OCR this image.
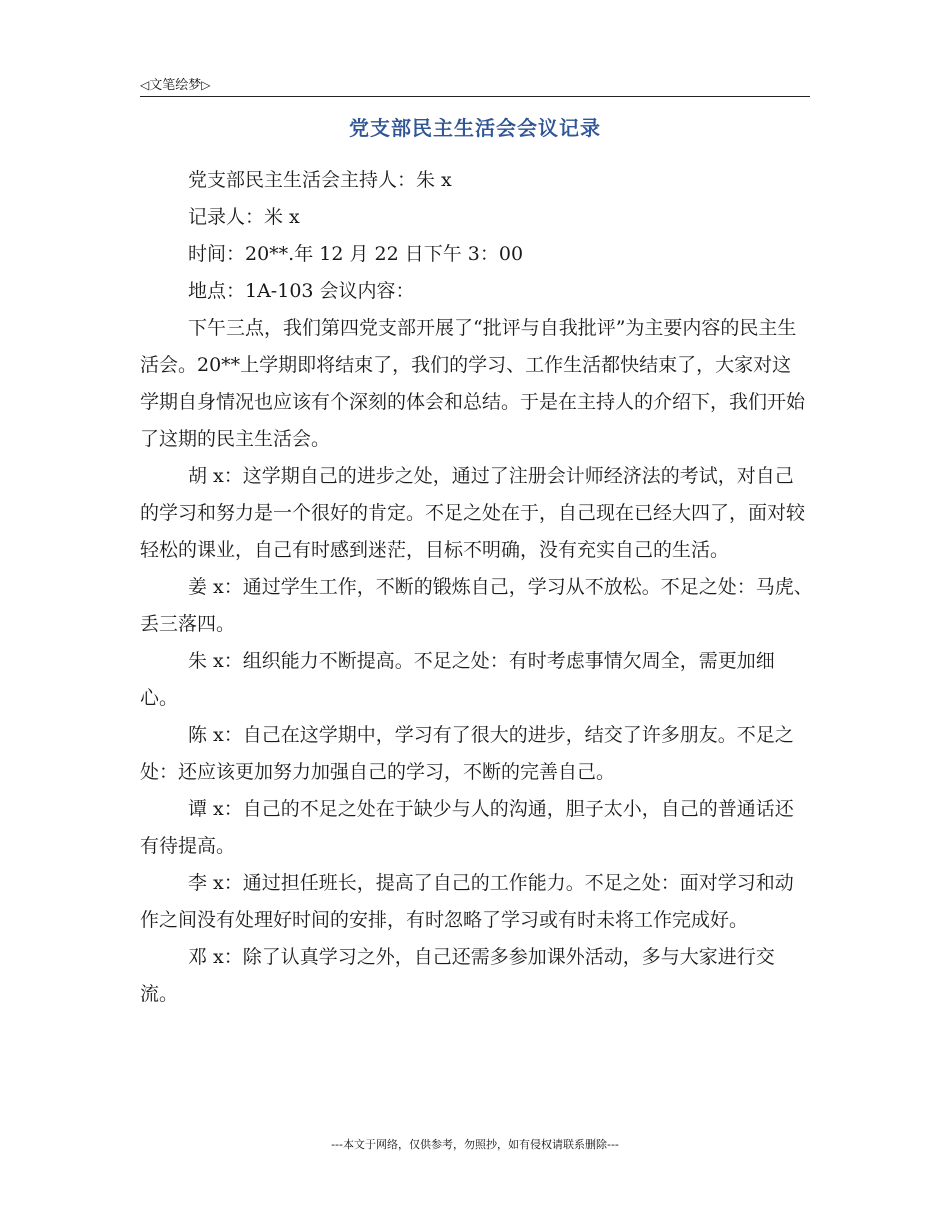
◁文笔绘梦▷
党支部民主生活会会议记录

党支部民主生活会主持人：朱 x

记录人：米 x

时间：20**.年 12 月 22 日下午 3：00

地点：1A-103 会议内容：

下午三点，我们第四党支部开展了“批评与自我批评”为主要内容的民主生活会。20**上学期即将结束了，我们的学习、工作生活都快结束了，大家对这学期自身情况也应该有个深刻的体会和总结。于是在主持人的介绍下，我们开始了这期的民主生活会。

胡 x：这学期自己的进步之处，通过了注册会计师经济法的考试，对自己的学习和努力是一个很好的肯定。不足之处在于，自己现在已经大四了，面对较轻松的课业，自己有时感到迷茫，目标不明确，没有充实自己的生活。

姜 x：通过学生工作，不断的锻炼自己，学习从不放松。不足之处：马虎、丢三落四。

朱 x：组织能力不断提高。不足之处：有时考虑事情欠周全，需更加细心。

陈 x：自己在这学期中，学习有了很大的进步，结交了许多朋友。不足之处：还应该更加努力加强自己的学习，不断的完善自己。

谭 x：自己的不足之处在于缺少与人的沟通，胆子太小，自己的普通话还有待提高。

李 x：通过担任班长，提高了自己的工作能力。不足之处：面对学习和动作之间没有处理好时间的安排，有时忽略了学习或有时未将工作完成好。

邓 x：除了认真学习之外，自己还需多参加课外活动，多与大家进行交流。

---本文于网络，仅供参考，勿照抄，如有侵权请联系删除---
